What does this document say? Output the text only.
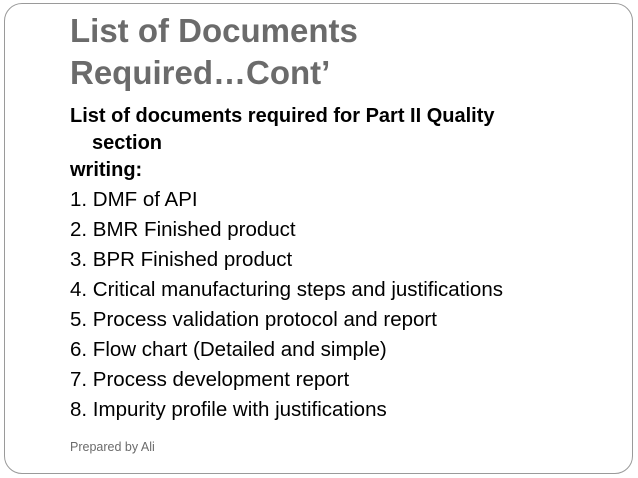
List of Documents
Required…Cont’

List of documents required for Part II Quality
section
writing:

1. DMF of API
2. BMR Finished product
3. BPR Finished product
4. Critical manufacturing steps and justifications
5. Process validation protocol and report
6. Flow chart (Detailed and simple)
7. Process development report
8. Impurity profile with justifications
Prepared by Ali
